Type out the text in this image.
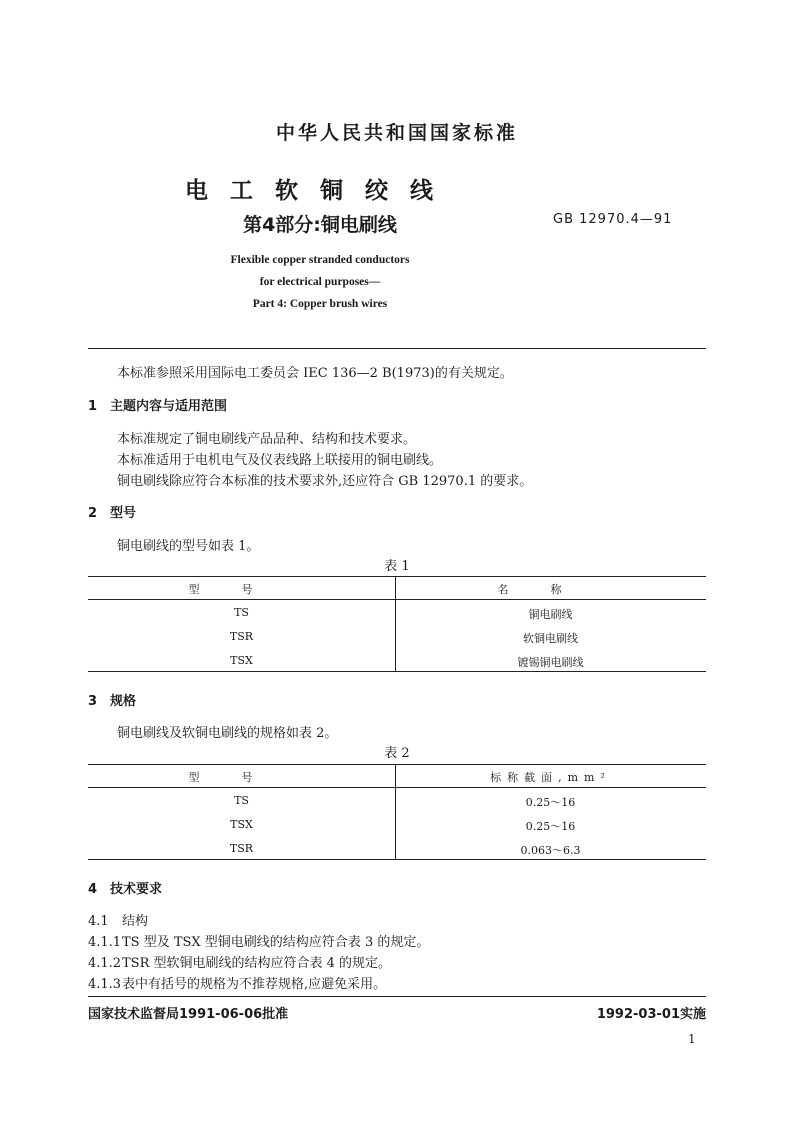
中华人民共和国国家标准
电工软铜绞线
第4部分:铜电刷线	GB 12970.4—91
Flexible copper stranded conductors
for electrical purposes—
Part 4: Copper brush wires
本标准参照采用国际电工委员会 IEC 136—2 B(1973)的有关规定。
1 主题内容与适用范围
本标准规定了铜电刷线产品品种、结构和技术要求。
本标准适用于电机电气及仪表线路上联接用的铜电刷线。
铜电刷线除应符合本标准的技术要求外,还应符合 GB 12970.1 的要求。
2 型号
铜电刷线的型号如表 1。
表 1
型号	名称
TS	铜电刷线
TSR	软铜电刷线
TSX	镀锡铜电刷线
3 规格
铜电刷线及软铜电刷线的规格如表 2。
表 2
型号	标称截面,mm²
TS	0.25～16
TSX	0.25～16
TSR	0.063～6.3
4 技术要求
4.1 结构
4.1.1TS 型及 TSX 型铜电刷线的结构应符合表 3 的规定。
4.1.2TSR 型软铜电刷线的结构应符合表 4 的规定。
4.1.3表中有括号的规格为不推荐规格,应避免采用。
国家技术监督局1991-06-06批准	1992-03-01实施
1
